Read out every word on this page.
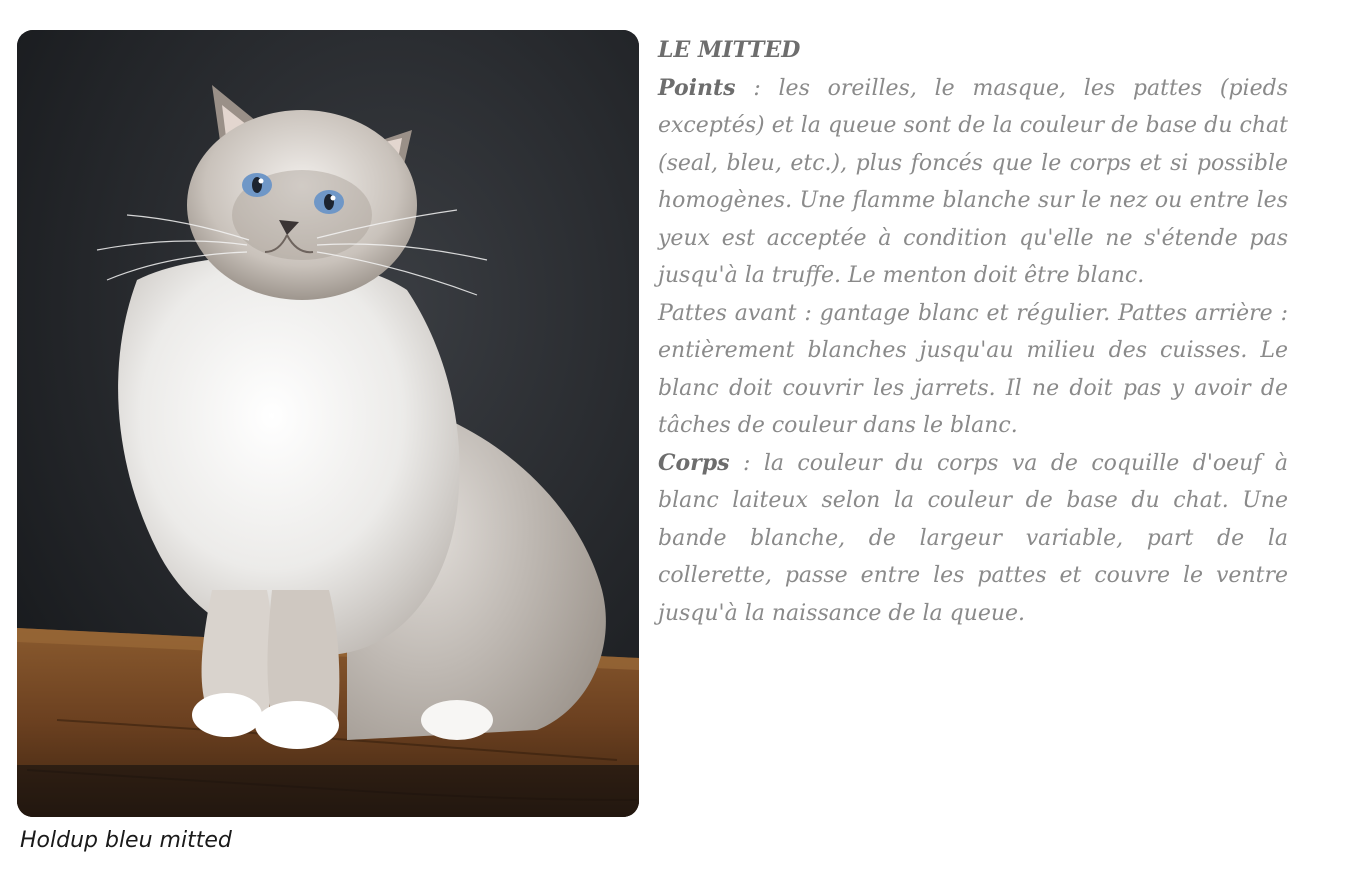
Holdup bleu mitted

LE MITTED

Points : les oreilles, le masque, les pattes (pieds exceptés) et la queue sont de la couleur de base du chat (seal, bleu, etc.), plus foncés que le corps et si possible homogènes. Une flamme blanche sur le nez ou entre les yeux est acceptée à condition qu'elle ne s'étende pas jusqu'à la truffe. Le menton doit être blanc.

Pattes avant : gantage blanc et régulier. Pattes arrière : entièrement blanches jusqu'au milieu des cuisses. Le blanc doit couvrir les jarrets. Il ne doit pas y avoir de tâches de couleur dans le blanc.

Corps : la couleur du corps va de coquille d'oeuf à blanc laiteux selon la couleur de base du chat. Une bande blanche, de largeur variable, part de la collerette, passe entre les pattes et couvre le ventre jusqu'à la naissance de la queue.
